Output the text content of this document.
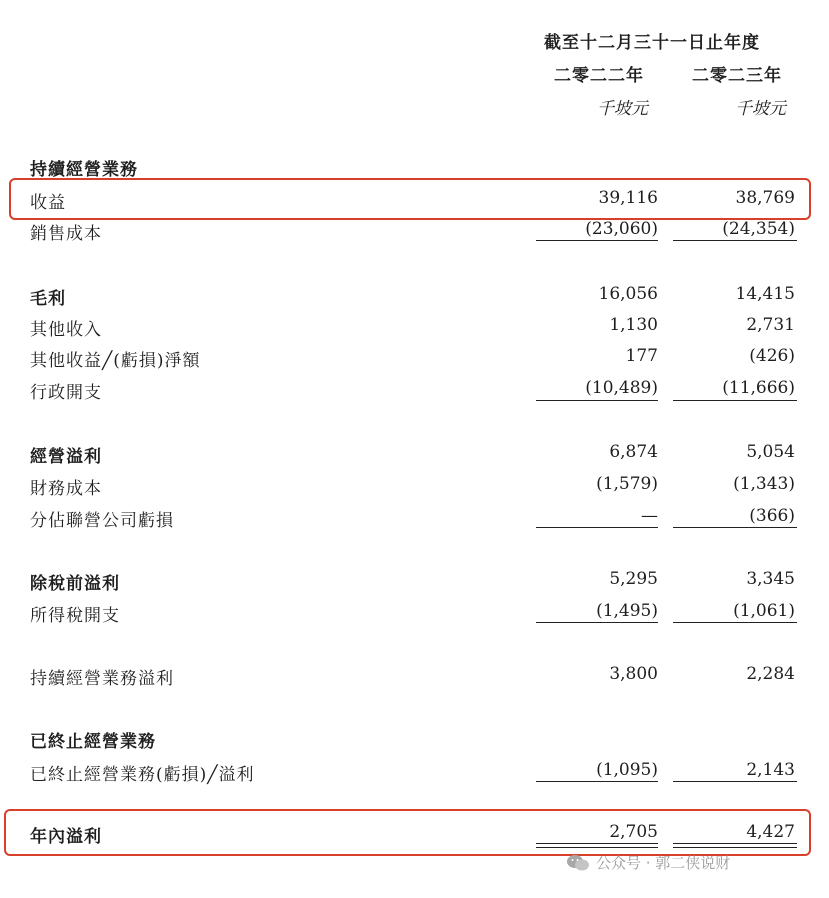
截至十二月三十一日止年度
二零二二年	二零二三年
千坡元	千坡元
持續經營業務
收益	39,116	38,769
銷售成本	(23,060)	(24,354)
毛利	16,056	14,415
其他收入	1,130	2,731
其他收益╱(虧損)淨額	177	(426)
行政開支	(10,489)	(11,666)
經營溢利	6,874	5,054
財務成本	(1,579)	(1,343)
分佔聯營公司虧損	—	(366)
除稅前溢利	5,295	3,345
所得稅開支	(1,495)	(1,061)
持續經營業務溢利	3,800	2,284
已終止經營業務
已終止經營業務(虧損)╱溢利	(1,095)	2,143
年內溢利	2,705	4,427
公众号 · 郭二侠说财
